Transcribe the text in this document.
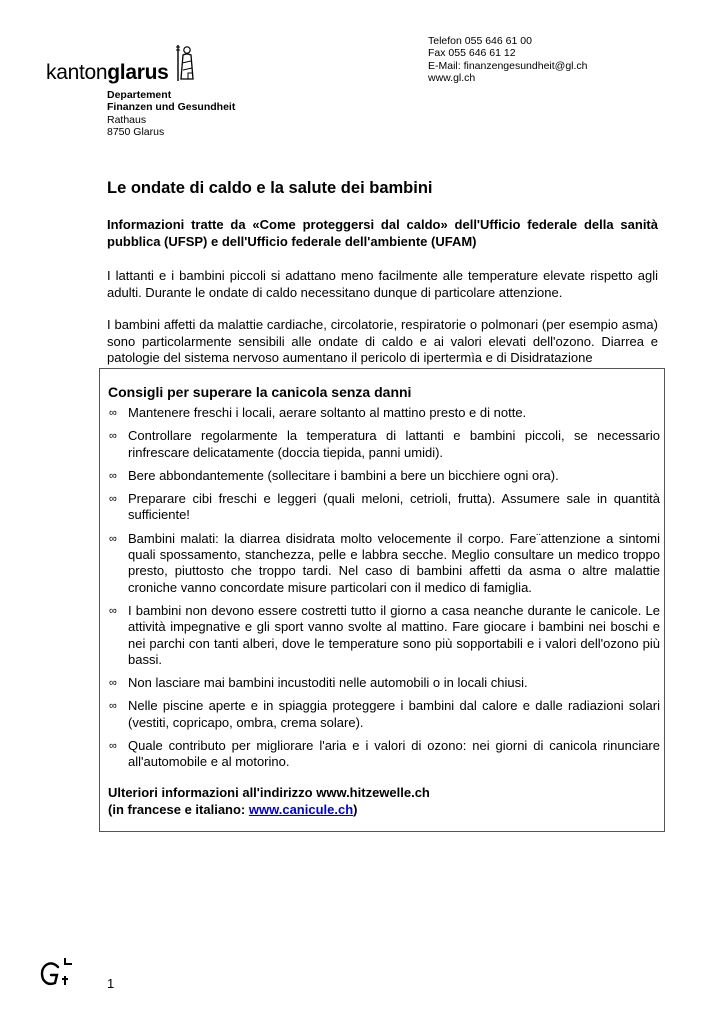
kantonglarus
Telefon 055 646 61 00
Fax 055 646 61 12
E-Mail: finanzengesundheit@gl.ch
www.gl.ch
Departement
Finanzen und Gesundheit
Rathaus
8750 Glarus
Le ondate di caldo e la salute dei bambini

Informazioni tratte da «Come proteggersi dal caldo» dell'Ufficio federale della sanità pubblica (UFSP) e dell'Ufficio federale dell'ambiente (UFAM)

I lattanti e i bambini piccoli si adattano meno facilmente alle temperature elevate rispetto agli adulti. Durante le ondate di caldo necessitano dunque di particolare attenzione.

I bambini affetti da malattie cardiache, circolatorie, respiratorie o polmonari (per esempio asma) sono particolarmente sensibili alle ondate di caldo e ai valori elevati dell'ozono. Diarrea e patologie del sistema nervoso aumentano il pericolo di ipertermìa e di Disidratazione

Consigli per superare la canicola senza danni
∞ Mantenere freschi i locali, aerare soltanto al mattino presto e di notte.
∞ Controllare regolarmente la temperatura di lattanti e bambini piccoli, se necessario rinfrescare delicatamente (doccia tiepida, panni umidi).
∞ Bere abbondantemente (sollecitare i bambini a bere un bicchiere ogni ora).
∞ Preparare cibi freschi e leggeri (quali meloni, cetrioli, frutta). Assumere sale in quantità sufficiente!
∞ Bambini malati: la diarrea disidrata molto velocemente il corpo. Fare¨attenzione a sintomi quali spossamento, stanchezza, pelle e labbra secche. Meglio consultare un medico troppo presto, piuttosto che troppo tardi. Nel caso di bambini affetti da asma o altre malattie croniche vanno concordate misure particolari con il medico di famiglia.
∞ I bambini non devono essere costretti tutto il giorno a casa neanche durante le canicole. Le attività impegnative e gli sport vanno svolte al mattino. Fare giocare i bambini nei boschi e nei parchi con tanti alberi, dove le temperature sono più sopportabili e i valori dell'ozono più bassi.
∞ Non lasciare mai bambini incustoditi nelle automobili o in locali chiusi.
∞ Nelle piscine aperte e in spiaggia proteggere i bambini dal calore e dalle radiazioni solari (vestiti, copricapo, ombra, crema solare).
∞ Quale contributo per migliorare l'aria e i valori di ozono: nei giorni di canicola rinunciare all'automobile e al motorino.
Ulteriori informazioni all'indirizzo www.hitzewelle.ch
(in francese e italiano: www.canicule.ch)
1
